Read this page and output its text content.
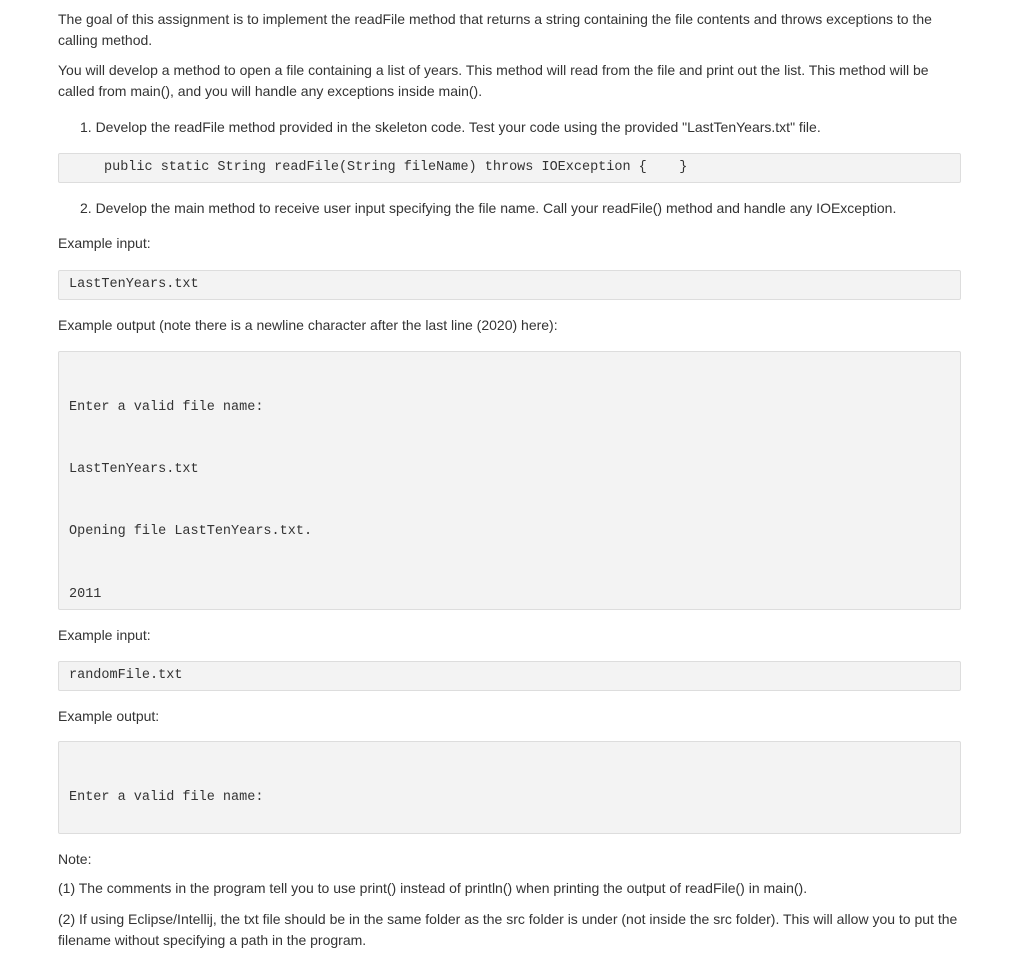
The goal of this assignment is to implement the readFile method that returns a string containing the file contents and throws exceptions to the calling method.

You will develop a method to open a file containing a list of years. This method will read from the file and print out the list. This method will be called from main(), and you will handle any exceptions inside main().

1. Develop the readFile method provided in the skeleton code. Test your code using the provided "LastTenYears.txt" file.

public static String readFile(String fileName) throws IOException {    }

2. Develop the main method to receive user input specifying the file name. Call your readFile() method and handle any IOException.

Example input:

LastTenYears.txt

Example output (note there is a newline character after the last line (2020) here):

Enter a valid file name:

LastTenYears.txt

Opening file LastTenYears.txt.

2011

Example input:

randomFile.txt

Example output:

Enter a valid file name:

Note:

(1) The comments in the program tell you to use print() instead of println() when printing the output of readFile() in main().

(2) If using Eclipse/Intellij, the txt file should be in the same folder as the src folder is under (not inside the src folder). This will allow you to put the filename without specifying a path in the program.
